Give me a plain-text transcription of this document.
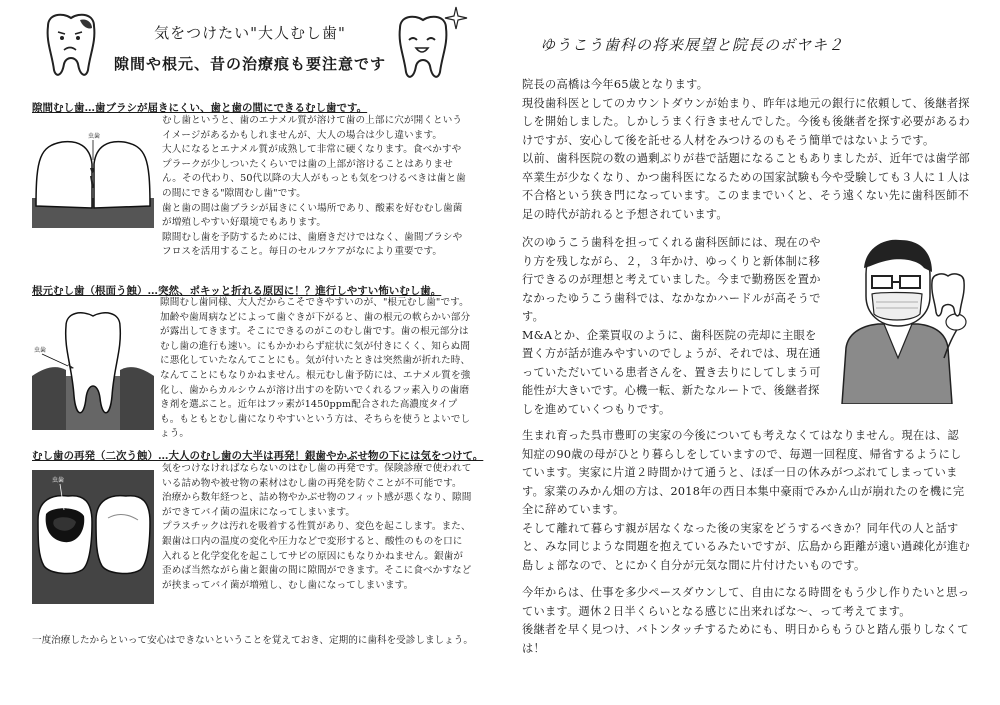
気をつけたい"大人むし歯"
隙間や根元、昔の治療痕も要注意です
隙間むし歯…歯ブラシが届きにくい、歯と歯の間にできるむし歯です。
虫歯

むし歯というと、歯のエナメル質が溶けて歯の上部に穴が開くというイメージがあるかもしれませんが、大人の場合は少し違います。

大人になるとエナメル質が成熟して非常に硬くなります。食べかすやプラークが少しついたくらいでは歯の上部が溶けることはありません。その代わり、50代以降の大人がもっとも気をつけるべきは歯と歯の間にできる"隙間むし歯"です。

歯と歯の間は歯ブラシが届きにくい場所であり、酸素を好むむし歯菌が増殖しやすい好環境でもあります。

隙間むし歯を予防するためには、歯磨きだけではなく、歯間ブラシやフロスを活用すること。毎日のセルフケアがなにより重要です。

根元むし歯（根面う蝕）…突然、ポキッと折れる原因に！？進行しやすい怖いむし歯。
虫歯

隙間むし歯同様、大人だからこそできやすいのが、"根元むし歯"です。加齢や歯周病などによって歯ぐきが下がると、歯の根元の軟らかい部分が露出してきます。そこにできるのがこのむし歯です。歯の根元部分はむし歯の進行も速い。にもかかわらず症状に気が付きにくく、知らぬ間に悪化していたなんてことにも。気が付いたときは突然歯が折れた時、なんてことにもなりかねません。根元むし歯予防には、エナメル質を強化し、歯からカルシウムが溶け出すのを防いでくれるフッ素入りの歯磨き剤を選ぶこと。近年はフッ素が1450ppm配合された高濃度タイプも。もともとむし歯になりやすいという方は、そちらを使うとよいでしょう。

むし歯の再発（二次う蝕）…大人のむし歯の大半は再発！銀歯やかぶせ物の下には気をつけて。
虫歯

気をつけなければならないのはむし歯の再発です。保険診療で使われている詰め物や被せ物の素材はむし歯の再発を防ぐことが不可能です。

治療から数年経つと、詰め物やかぶせ物のフィット感が悪くなり、隙間ができてバイ菌の温床になってしまいます。

プラスチックは汚れを吸着する性質があり、変色を起こします。また、銀歯は口内の温度の変化や圧力などで変形すると、酸性のものを口に入れると化学変化を起こしてサビの原因にもなりかねません。銀歯が歪めば当然ながら歯と銀歯の間に隙間ができます。そこに食べかすなどが挟まってバイ菌が増殖し、むし歯になってしまいます。

一度治療したからといって安心はできないということを覚えておき、定期的に歯科を受診しましょう。
ゆうこう歯科の将来展望と院長のボヤキ２

院長の高橋は今年65歳となります。

現役歯科医としてのカウントダウンが始まり、昨年は地元の銀行に依頼して、後継者探しを開始しました。しかしうまく行きませんでした。今後も後継者を探す必要があるわけですが、安心して後を託せる人材をみつけるのもそう簡単ではないようです。

以前、歯科医院の数の過剰ぶりが巷で話題になることもありましたが、近年では歯学部卒業生が少なくなり、かつ歯科医になるための国家試験も今や受験しても３人に１人は不合格という狭き門になっています。このままでいくと、そう遠くない先に歯科医師不足の時代が訪れると予想されています。

次のゆうこう歯科を担ってくれる歯科医師には、現在のやり方を残しながら、２，３年かけ、ゆっくりと新体制に移行できるのが理想と考えていました。今まで勤務医を置かなかったゆうこう歯科では、なかなかハードルが高そうです。

M&Aとか、企業買収のように、歯科医院の売却に主眼を置く方が話が進みやすいのでしょうが、それでは、現在通っていただいている患者さんを、置き去りにしてしまう可能性が大きいです。心機一転、新たなルートで、後継者探しを進めていくつもりです。

生まれ育った呉市豊町の実家の今後についても考えなくてはなりません。現在は、認知症の90歳の母がひとり暮らしをしていますので、毎週一回程度、帰省するようにしています。実家に片道２時間かけて通うと、ほぼ一日の休みがつぶれてしまっています。家業のみかん畑の方は、2018年の西日本集中豪雨でみかん山が崩れたのを機に完全に辞めています。

そして離れて暮らす親が居なくなった後の実家をどうするべきか？同年代の人と話すと、みな同じような問題を抱えているみたいですが、広島から距離が遠い過疎化が進む島しょ部なので、とにかく自分が元気な間に片付けたいものです。

今年からは、仕事を多少ペースダウンして、自由になる時間をもう少し作りたいと思っています。週休２日半くらいとなる感じに出来ればな～、って考えてます。

後継者を早く見つけ、バトンタッチするためにも、明日からもうひと踏ん張りしなくては！
